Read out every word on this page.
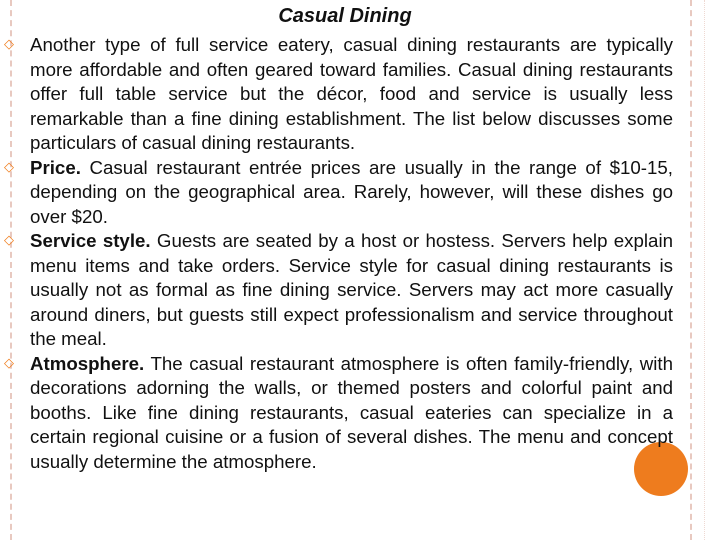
Casual Dining
◇ Another type of full service eatery, casual dining restaurants are typically more affordable and often geared toward families. Casual dining restaurants offer full table service but the décor, food and service is usually less remarkable than a fine dining establishment. The list below discusses some particulars of casual dining restaurants.
◇ Price. Casual restaurant entrée prices are usually in the range of $10-15, depending on the geographical area. Rarely, however, will these dishes go over $20.
◇ Service style. Guests are seated by a host or hostess. Servers help explain menu items and take orders. Service style for casual dining restaurants is usually not as formal as fine dining service. Servers may act more casually around diners, but guests still expect professionalism and service throughout the meal.
◇ Atmosphere. The casual restaurant atmosphere is often family-friendly, with decorations adorning the walls, or themed posters and colorful paint and booths. Like fine dining restaurants, casual eateries can specialize in a certain regional cuisine or a fusion of several dishes. The menu and concept usually determine the atmosphere.
